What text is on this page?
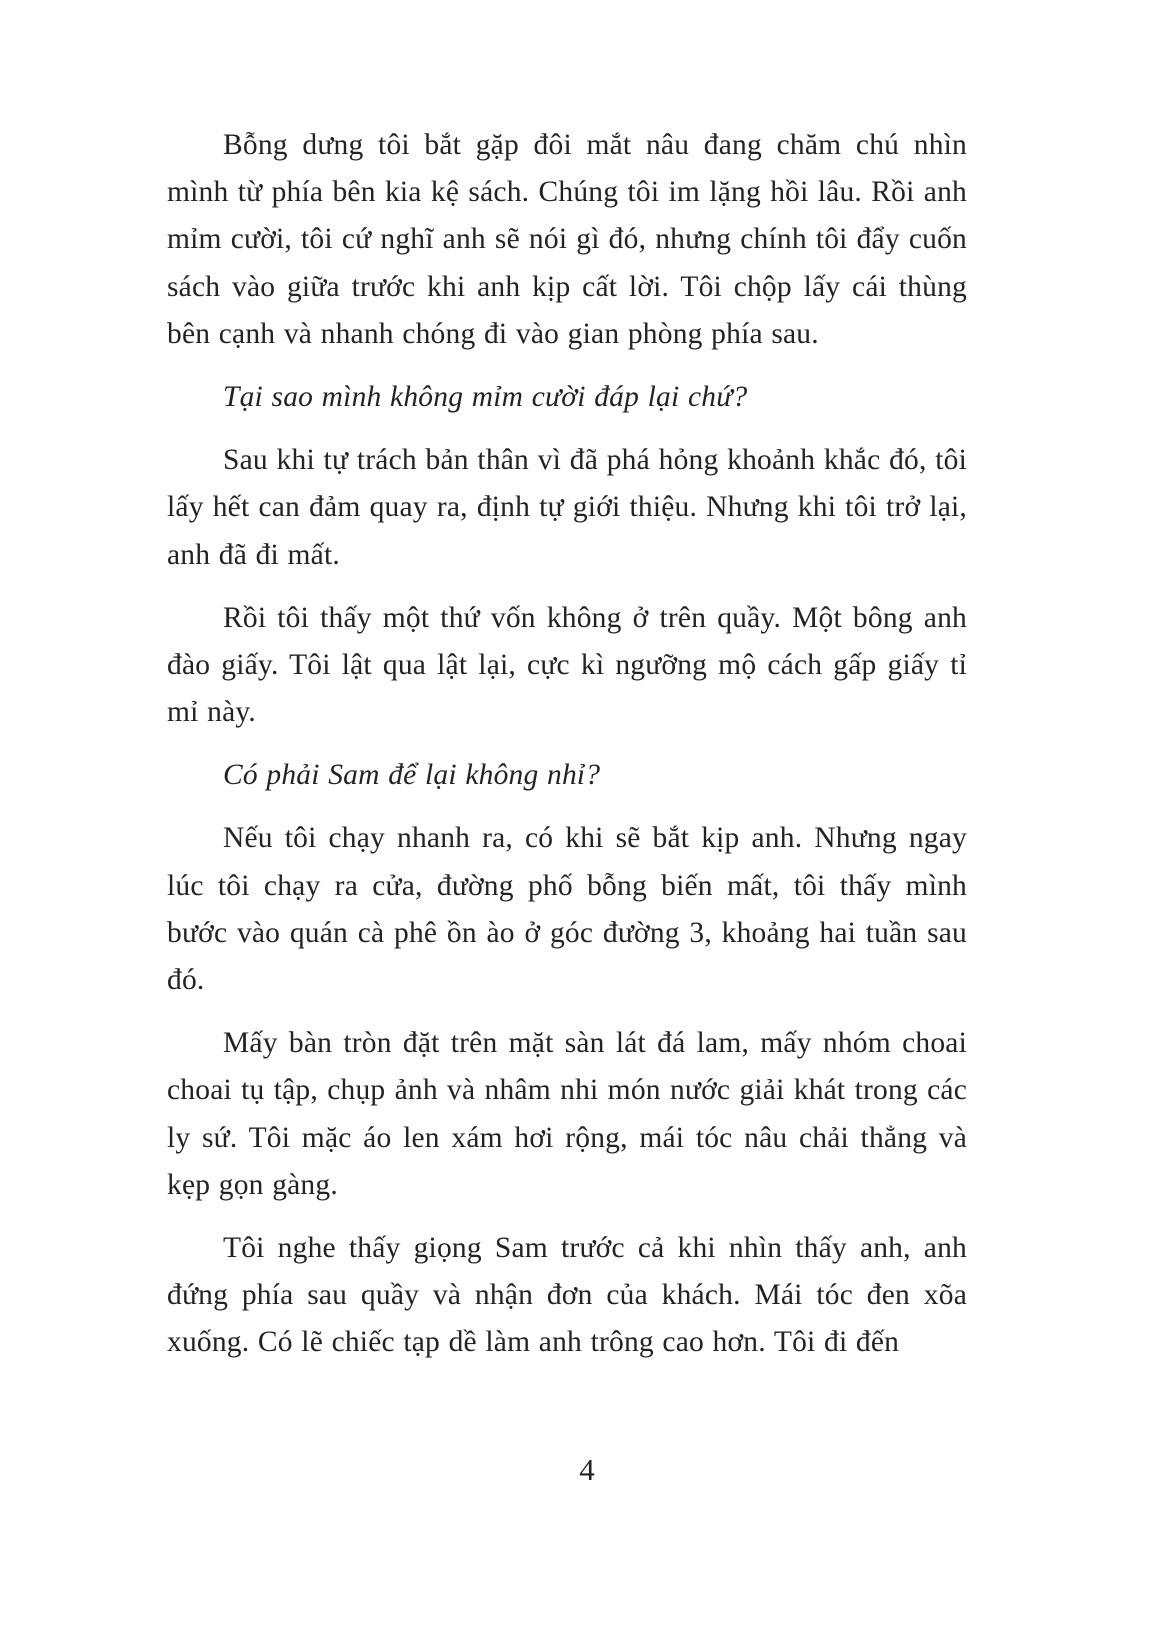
Bỗng dưng tôi bắt gặp đôi mắt nâu đang chăm chú nhìn mình từ phía bên kia kệ sách. Chúng tôi im lặng hồi lâu. Rồi anh mỉm cười, tôi cứ nghĩ anh sẽ nói gì đó, nhưng chính tôi đẩy cuốn sách vào giữa trước khi anh kịp cất lời. Tôi chộp lấy cái thùng bên cạnh và nhanh chóng đi vào gian phòng phía sau.

Tại sao mình không mỉm cười đáp lại chứ?

Sau khi tự trách bản thân vì đã phá hỏng khoảnh khắc đó, tôi lấy hết can đảm quay ra, định tự giới thiệu. Nhưng khi tôi trở lại, anh đã đi mất.

Rồi tôi thấy một thứ vốn không ở trên quầy. Một bông anh đào giấy. Tôi lật qua lật lại, cực kì ngưỡng mộ cách gấp giấy tỉ mỉ này.

Có phải Sam để lại không nhỉ?

Nếu tôi chạy nhanh ra, có khi sẽ bắt kịp anh. Nhưng ngay lúc tôi chạy ra cửa, đường phố bỗng biến mất, tôi thấy mình bước vào quán cà phê ồn ào ở góc đường 3, khoảng hai tuần sau đó.

Mấy bàn tròn đặt trên mặt sàn lát đá lam, mấy nhóm choai choai tụ tập, chụp ảnh và nhâm nhi món nước giải khát trong các ly sứ. Tôi mặc áo len xám hơi rộng, mái tóc nâu chải thẳng và kẹp gọn gàng.

Tôi nghe thấy giọng Sam trước cả khi nhìn thấy anh, anh đứng phía sau quầy và nhận đơn của khách. Mái tóc đen xõa xuống. Có lẽ chiếc tạp dề làm anh trông cao hơn. Tôi đi đến

4
